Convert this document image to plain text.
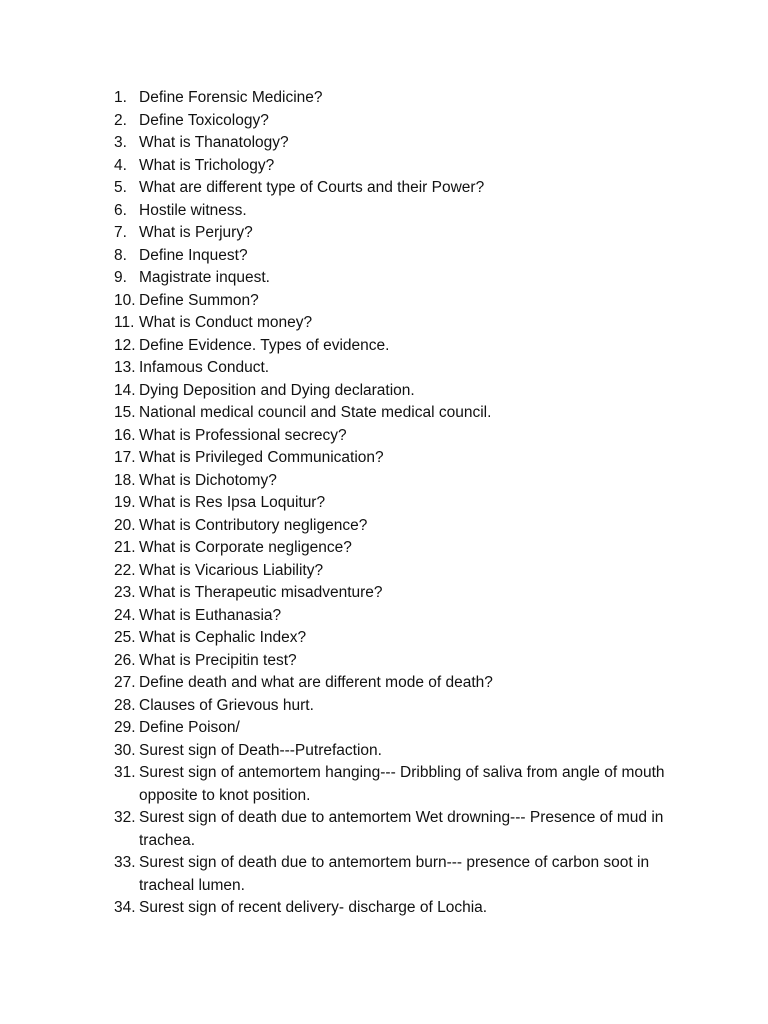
1. Define Forensic Medicine?
2. Define Toxicology?
3. What is Thanatology?
4. What is Trichology?
5. What are different type of Courts and their Power?
6. Hostile witness.
7. What is Perjury?
8. Define Inquest?
9. Magistrate inquest.
10. Define Summon?
11. What is Conduct money?
12. Define Evidence. Types of evidence.
13. Infamous Conduct.
14. Dying Deposition and Dying declaration.
15. National medical council and State medical council.
16. What is Professional secrecy?
17. What is Privileged Communication?
18. What is Dichotomy?
19. What is Res Ipsa Loquitur?
20. What is Contributory negligence?
21. What is Corporate negligence?
22. What is Vicarious Liability?
23. What is Therapeutic misadventure?
24. What is Euthanasia?
25. What is Cephalic Index?
26. What is Precipitin test?
27. Define death and what are different mode of death?
28. Clauses of Grievous hurt.
29. Define Poison/
30. Surest sign of Death---Putrefaction.
31. Surest sign of antemortem hanging--- Dribbling of saliva from angle of mouth opposite to knot position.
32. Surest sign of death due to antemortem Wet drowning--- Presence of mud in trachea.
33. Surest sign of death due to antemortem burn--- presence of carbon soot in tracheal lumen.
34. Surest sign of recent delivery- discharge of Lochia.
